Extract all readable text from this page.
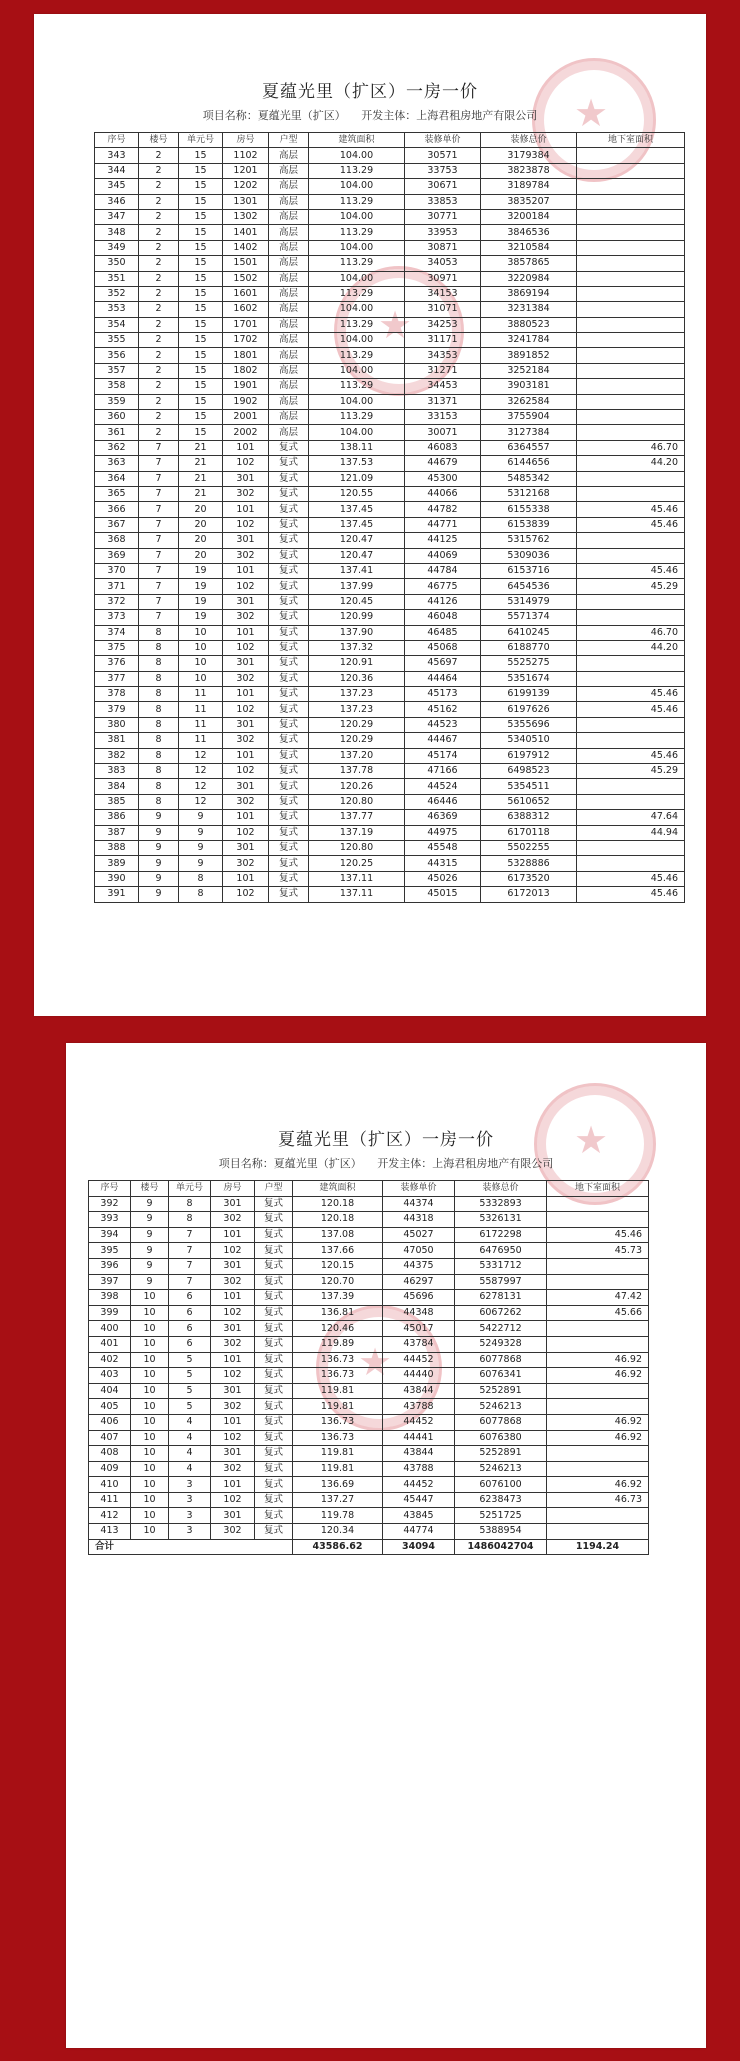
★
★
夏蕴光里（扩区）一房一价
项目名称：夏蕴光里（扩区） 开发主体：上海君租房地产有限公司
序号	楼号	单元号	房号	户型	建筑面积	装修单价	装修总价	地下室面积
343	2	15	1102	高层	104.00	30571	3179384	
344	2	15	1201	高层	113.29	33753	3823878	
345	2	15	1202	高层	104.00	30671	3189784	
346	2	15	1301	高层	113.29	33853	3835207	
347	2	15	1302	高层	104.00	30771	3200184	
348	2	15	1401	高层	113.29	33953	3846536	
349	2	15	1402	高层	104.00	30871	3210584	
350	2	15	1501	高层	113.29	34053	3857865	
351	2	15	1502	高层	104.00	30971	3220984	
352	2	15	1601	高层	113.29	34153	3869194	
353	2	15	1602	高层	104.00	31071	3231384	
354	2	15	1701	高层	113.29	34253	3880523	
355	2	15	1702	高层	104.00	31171	3241784	
356	2	15	1801	高层	113.29	34353	3891852	
357	2	15	1802	高层	104.00	31271	3252184	
358	2	15	1901	高层	113.29	34453	3903181	
359	2	15	1902	高层	104.00	31371	3262584	
360	2	15	2001	高层	113.29	33153	3755904	
361	2	15	2002	高层	104.00	30071	3127384	
362	7	21	101	复式	138.11	46083	6364557	46.70
363	7	21	102	复式	137.53	44679	6144656	44.20
364	7	21	301	复式	121.09	45300	5485342	
365	7	21	302	复式	120.55	44066	5312168	
366	7	20	101	复式	137.45	44782	6155338	45.46
367	7	20	102	复式	137.45	44771	6153839	45.46
368	7	20	301	复式	120.47	44125	5315762	
369	7	20	302	复式	120.47	44069	5309036	
370	7	19	101	复式	137.41	44784	6153716	45.46
371	7	19	102	复式	137.99	46775	6454536	45.29
372	7	19	301	复式	120.45	44126	5314979	
373	7	19	302	复式	120.99	46048	5571374	
374	8	10	101	复式	137.90	46485	6410245	46.70
375	8	10	102	复式	137.32	45068	6188770	44.20
376	8	10	301	复式	120.91	45697	5525275	
377	8	10	302	复式	120.36	44464	5351674	
378	8	11	101	复式	137.23	45173	6199139	45.46
379	8	11	102	复式	137.23	45162	6197626	45.46
380	8	11	301	复式	120.29	44523	5355696	
381	8	11	302	复式	120.29	44467	5340510	
382	8	12	101	复式	137.20	45174	6197912	45.46
383	8	12	102	复式	137.78	47166	6498523	45.29
384	8	12	301	复式	120.26	44524	5354511	
385	8	12	302	复式	120.80	46446	5610652	
386	9	9	101	复式	137.77	46369	6388312	47.64
387	9	9	102	复式	137.19	44975	6170118	44.94
388	9	9	301	复式	120.80	45548	5502255	
389	9	9	302	复式	120.25	44315	5328886	
390	9	8	101	复式	137.11	45026	6173520	45.46
391	9	8	102	复式	137.11	45015	6172013	45.46
★
★
夏蕴光里（扩区）一房一价
项目名称：夏蕴光里（扩区） 开发主体：上海君租房地产有限公司
序号	楼号	单元号	房号	户型	建筑面积	装修单价	装修总价	地下室面积
392	9	8	301	复式	120.18	44374	5332893	
393	9	8	302	复式	120.18	44318	5326131	
394	9	7	101	复式	137.08	45027	6172298	45.46
395	9	7	102	复式	137.66	47050	6476950	45.73
396	9	7	301	复式	120.15	44375	5331712	
397	9	7	302	复式	120.70	46297	5587997	
398	10	6	101	复式	137.39	45696	6278131	47.42
399	10	6	102	复式	136.81	44348	6067262	45.66
400	10	6	301	复式	120.46	45017	5422712	
401	10	6	302	复式	119.89	43784	5249328	
402	10	5	101	复式	136.73	44452	6077868	46.92
403	10	5	102	复式	136.73	44440	6076341	46.92
404	10	5	301	复式	119.81	43844	5252891	
405	10	5	302	复式	119.81	43788	5246213	
406	10	4	101	复式	136.73	44452	6077868	46.92
407	10	4	102	复式	136.73	44441	6076380	46.92
408	10	4	301	复式	119.81	43844	5252891	
409	10	4	302	复式	119.81	43788	5246213	
410	10	3	101	复式	136.69	44452	6076100	46.92
411	10	3	102	复式	137.27	45447	6238473	46.73
412	10	3	301	复式	119.78	43845	5251725	
413	10	3	302	复式	120.34	44774	5388954	
合计					43586.62	34094	1486042704	1194.24
